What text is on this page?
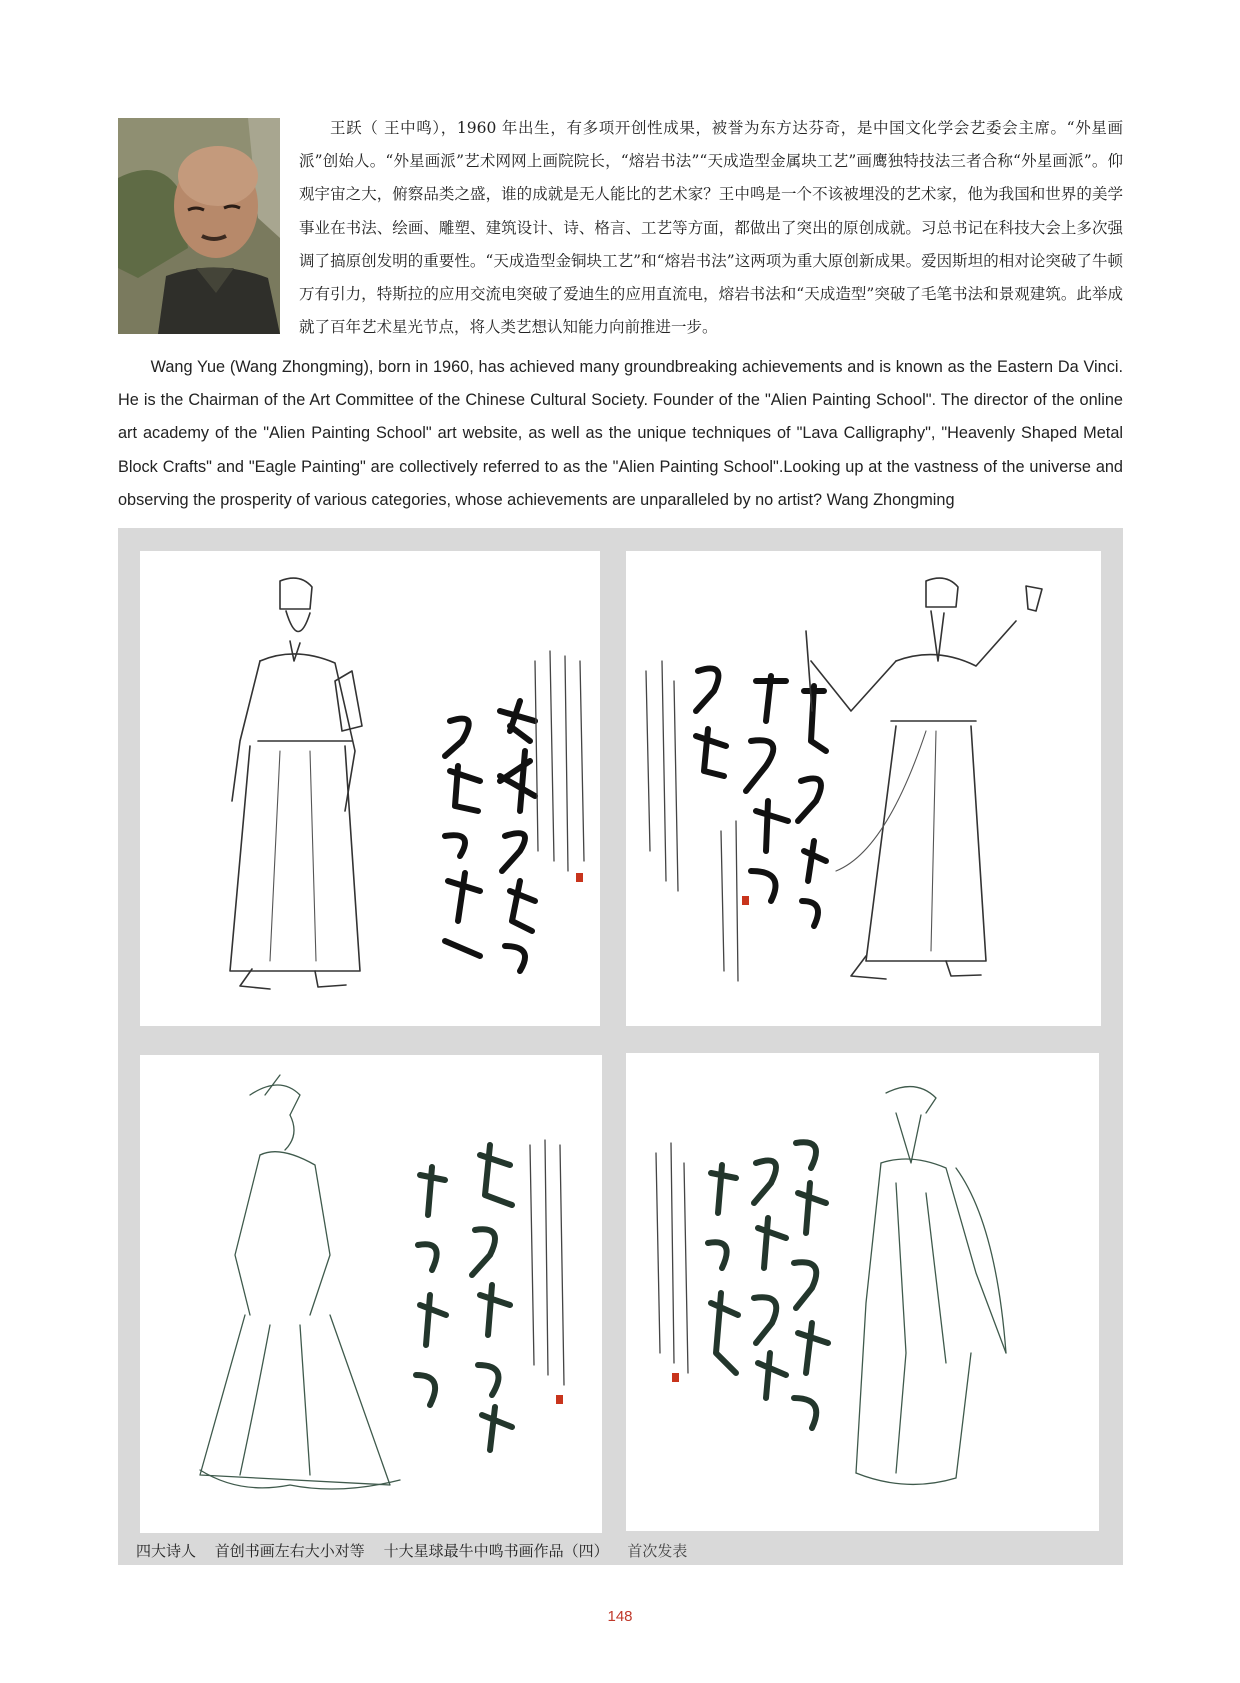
王跃（ 王中鸣），1960 年出生，有多项开创性成果，被誉为东方达芬奇，是中国文化学会艺委会主席。“外星画派”创始人。“外星画派”艺术网网上画院院长，“熔岩书法”“天成造型金属块工艺”画鹰独特技法三者合称“外星画派”。仰观宇宙之大，俯察品类之盛，谁的成就是无人能比的艺术家？王中鸣是一个不该被埋没的艺术家，他为我国和世界的美学事业在书法、绘画、雕塑、建筑设计、诗、格言、工艺等方面，都做出了突出的原创成就。习总书记在科技大会上多次强调了搞原创发明的重要性。“天成造型金铜块工艺”和“熔岩书法”这两项为重大原创新成果。爱因斯坦的相对论突破了牛顿万有引力，特斯拉的应用交流电突破了爱迪生的应用直流电，熔岩书法和“天成造型”突破了毛笔书法和景观建筑。此举成就了百年艺术星光节点，将人类艺想认知能力向前推进一步。

Wang Yue (Wang Zhongming), born in 1960, has achieved many groundbreaking achievements and is known as the Eastern Da Vinci. He is the Chairman of the Art Committee of the Chinese Cultural Society. Founder of the "Alien Painting School". The director of the online art academy of the "Alien Painting School" art website, as well as the unique techniques of "Lava Calligraphy", "Heavenly Shaped Metal Block Crafts" and "Eagle Painting" are collectively referred to as the "Alien Painting School".Looking up at the vastness of the universe and observing the prosperity of various categories, whose achievements are unparalleled by no artist? Wang Zhongming

四大诗人 首创书画左右大小对等 十大星球最牛中鸣书画作品（四） 首次发表
148
